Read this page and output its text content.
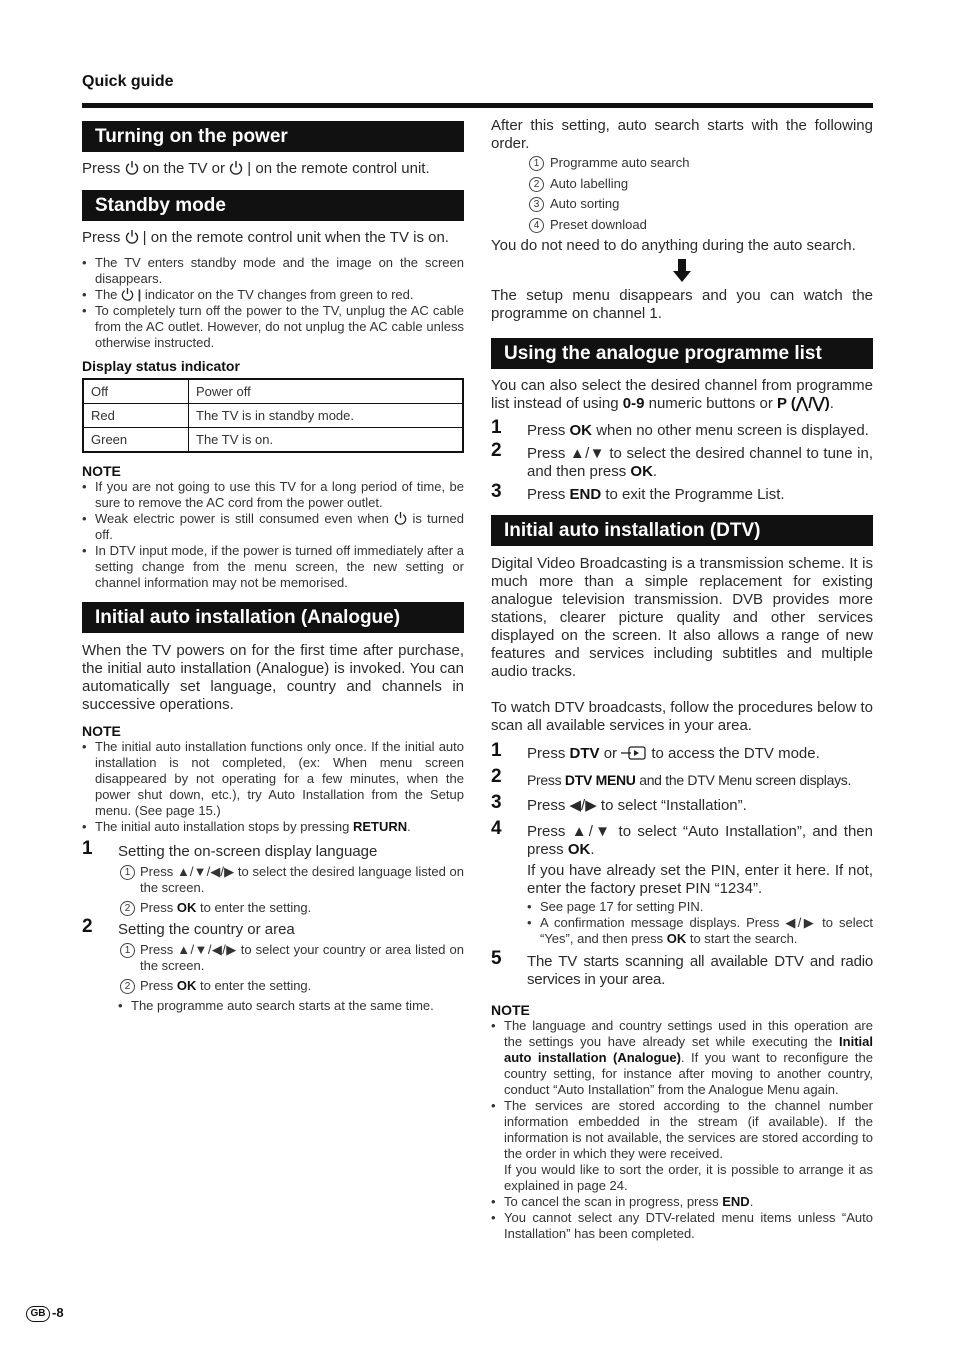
Quick guide
Turning on the power
Press on the TV or  | on the remote control unit.
Standby mode
Press  | on the remote control unit when the TV is on.
• The TV enters standby mode and the image on the screen disappears.
• The | indicator on the TV changes from green to red.
• To completely turn off the power to the TV, unplug the AC cable from the AC outlet. However, do not unplug the AC cable unless otherwise instructed.
Display status indicator
Off	Power off
Red	The TV is in standby mode.
Green	The TV is on.
NOTE
• If you are not going to use this TV for a long period of time, be sure to remove the AC cord from the power outlet.
• Weak electric power is still consumed even when is turned off.
• In DTV input mode, if the power is turned off immediately after a setting change from the menu screen, the new setting or channel information may not be memorised.
Initial auto installation (Analogue)
When the TV powers on for the first time after purchase, the initial auto installation (Analogue) is invoked. You can automatically set language, country and channels in successive operations.
NOTE
• The initial auto installation functions only once. If the initial auto installation is not completed, (ex: When menu screen disappeared by not operating for a few minutes, when the power shut down, etc.), try Auto Installation from the Setup menu. (See page 15.)
• The initial auto installation stops by pressing RETURN.
1 Setting the on-screen display language
1 Press ▲/▼/◀/▶ to select the desired language listed on the screen.
2 Press OK to enter the setting.
2 Setting the country or area
1 Press ▲/▼/◀/▶ to select your country or area listed on the screen.
2 Press OK to enter the setting.
• The programme auto search starts at the same time.
After this setting, auto search starts with the following order.
1 Programme auto search
2 Auto labelling
3 Auto sorting
4 Preset download
You do not need to do anything during the auto search.
The setup menu disappears and you can watch the programme on channel 1.
Using the analogue programme list
You can also select the desired channel from programme list instead of using 0-9 numeric buttons or P (⋀/⋁).
1 Press OK when no other menu screen is displayed.
2 Press ▲/▼ to select the desired channel to tune in, and then press OK.
3 Press END to exit the Programme List.
Initial auto installation (DTV)
Digital Video Broadcasting is a transmission scheme. It is much more than a simple replacement for existing analogue television transmission. DVB provides more stations, clearer picture quality and other services displayed on the screen. It also allows a range of new features and services including subtitles and multiple audio tracks.
To watch DTV broadcasts, follow the procedures below to scan all available services in your area.
1 Press DTV or to access the DTV mode.
2 Press DTV MENU and the DTV Menu screen displays.
3 Press ◀/▶ to select “Installation”.
4 Press ▲/▼ to select “Auto Installation”, and then press OK.
If you have already set the PIN, enter it here. If not, enter the factory preset PIN “1234”.
• See page 17 for setting PIN.
• A confirmation message displays. Press ◀/▶ to select “Yes”, and then press OK to start the search.
5 The TV starts scanning all available DTV and radio services in your area.
NOTE
• The language and country settings used in this operation are the settings you have already set while executing the Initial auto installation (Analogue). If you want to reconfigure the country setting, for instance after moving to another country, conduct “Auto Installation” from the Analogue Menu again.
• The services are stored according to the channel number information embedded in the stream (if available). If the information is not available, the services are stored according to the order in which they were received.
If you would like to sort the order, it is possible to arrange it as explained in page 24.
• To cancel the scan in progress, press END.
• You cannot select any DTV-related menu items unless “Auto Installation” has been completed.
GB -8
